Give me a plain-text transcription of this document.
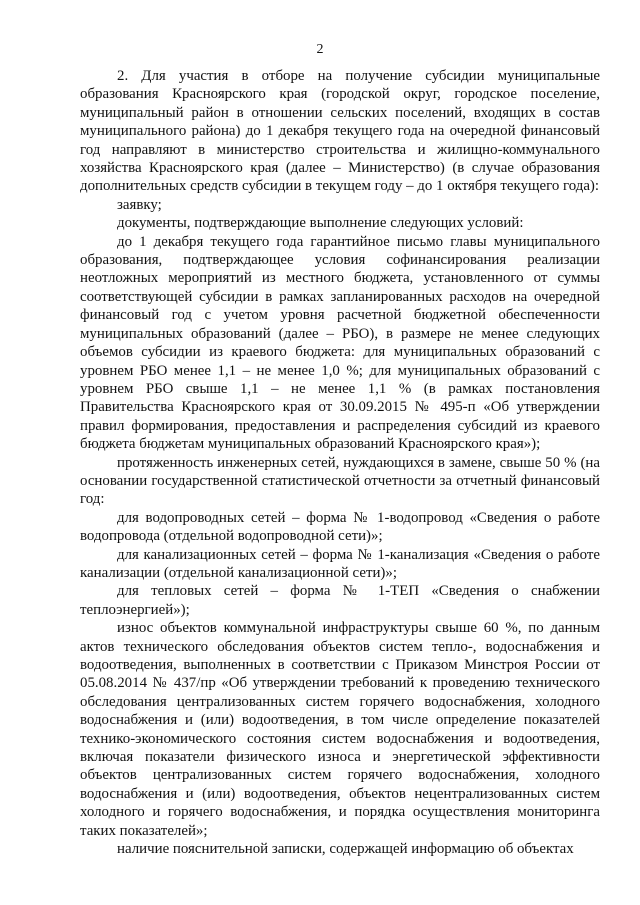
2

2. Для участия в отборе на получение субсидии муниципальные образования Красноярского края (городской округ, городское поселение, муниципальный район в отношении сельских поселений, входящих в состав муниципального района) до 1 декабря текущего года на очередной финансовый год направляют в министерство строительства и жилищно-коммунального хозяйства Красноярского края (далее – Министерство) (в случае образования дополнительных средств субсидии в текущем году – до 1 октября текущего года):

заявку;

документы, подтверждающие выполнение следующих условий:

до 1 декабря текущего года гарантийное письмо главы муниципального образования, подтверждающее условия софинансирования реализации неотложных мероприятий из местного бюджета, установленного от суммы соответствующей субсидии в рамках запланированных расходов на очередной финансовый год с учетом уровня расчетной бюджетной обеспеченности муниципальных образований (далее – РБО), в размере не менее следующих объемов субсидии из краевого бюджета: для муниципальных образований с уровнем РБО менее 1,1 – не менее 1,0 %; для муниципальных образований с уровнем РБО свыше 1,1 – не менее 1,1 % (в рамках постановления Правительства Красноярского края от 30.09.2015 № 495-п «Об утверждении правил формирования, предоставления и распределения субсидий из краевого бюджета бюджетам муниципальных образований Красноярского края»);

протяженность инженерных сетей, нуждающихся в замене, свыше 50 % (на основании государственной статистической отчетности за отчетный финансовый год:

для водопроводных сетей – форма № 1-водопровод «Сведения о работе водопровода (отдельной водопроводной сети)»;

для канализационных сетей – форма № 1-канализация «Сведения о работе канализации (отдельной канализационной сети)»;

для тепловых сетей – форма № 1-ТЕП «Сведения о снабжении теплоэнергией»);

износ объектов коммунальной инфраструктуры свыше 60 %, по данным актов технического обследования объектов систем тепло-, водоснабжения и водоотведения, выполненных в соответствии с Приказом Минстроя России от 05.08.2014 № 437/пр «Об утверждении требований к проведению технического обследования централизованных систем горячего водоснабжения, холодного водоснабжения и (или) водоотведения, в том числе определение показателей технико-экономического состояния систем водоснабжения и водоотведения, включая показатели физического износа и энергетической эффективности объектов централизованных систем горячего водоснабжения, холодного водоснабжения и (или) водоотведения, объектов нецентрализованных систем холодного и горячего водоснабжения, и порядка осуществления мониторинга таких показателей»;

наличие пояснительной записки, содержащей информацию об объектах
